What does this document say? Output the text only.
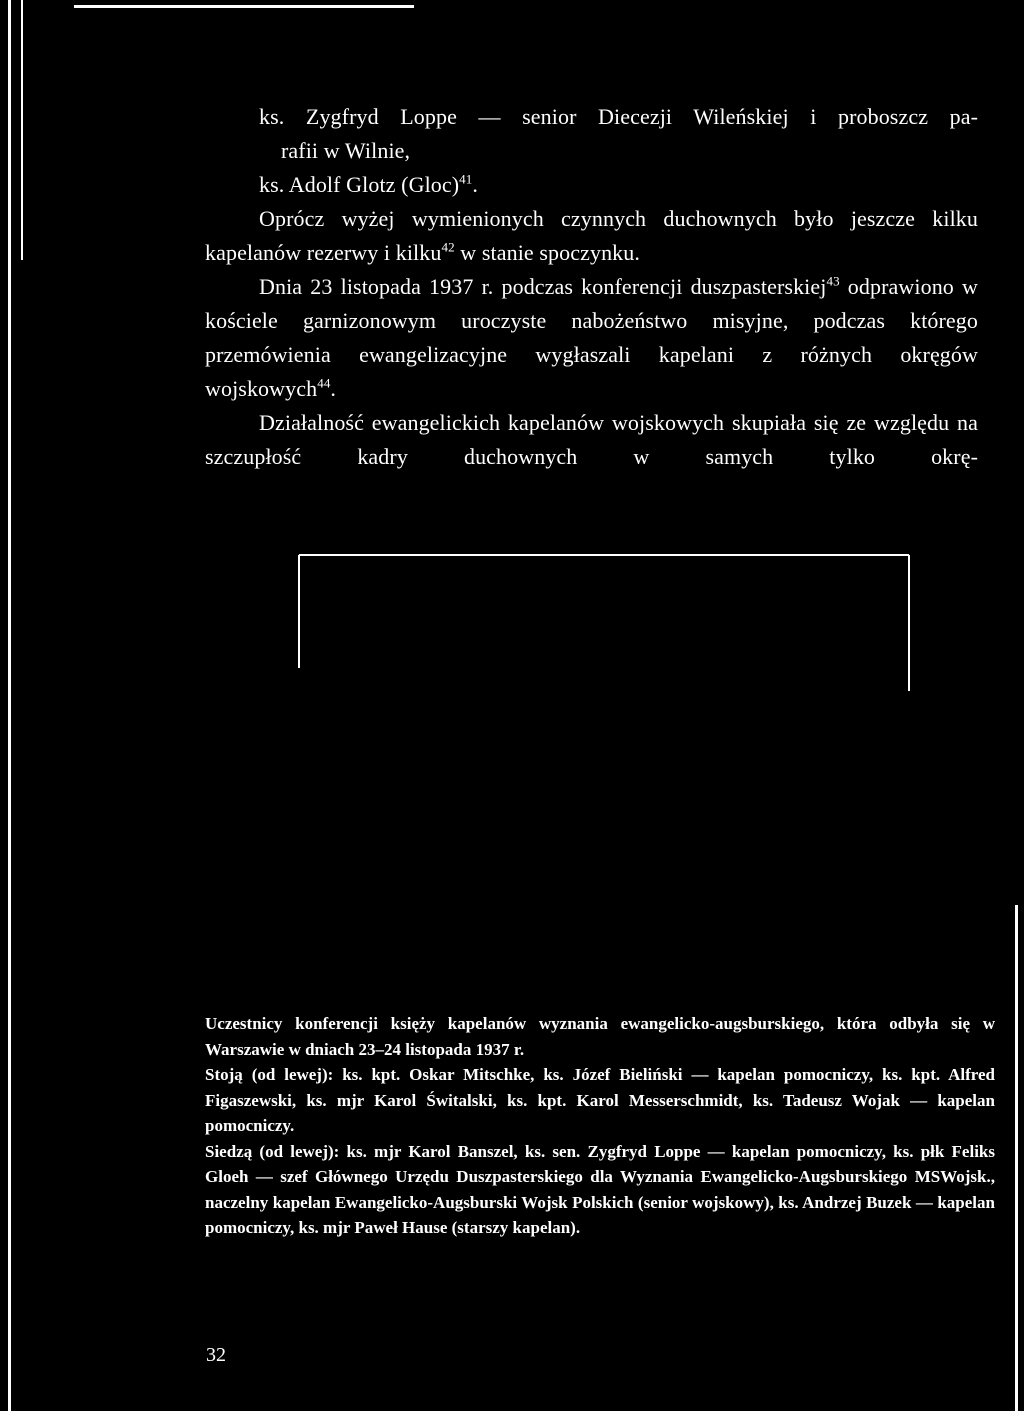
ks. Zygfryd Loppe — senior Diecezji Wileńskiej i proboszcz pa-

rafii w Wilnie,

ks. Adolf Glotz (Gloc)$^{41}$.

Oprócz wyżej wymienionych czynnych duchownych było jeszcze kilku kapelanów rezerwy i kilku$^{42}$ w stanie spoczynku.

Dnia 23 listopada 1937 r. podczas konferencji duszpasterskiej$^{43}$ odprawiono w kościele garnizonowym uroczyste nabożeństwo misyjne, podczas którego przemówienia ewangelizacyjne wygłaszali kapelani z różnych okręgów wojskowych$^{44}$.

Działalność ewangelickich kapelanów wojskowych skupiała się ze względu na szczupłość kadry duchownych w samych tylko okrę-

Uczestnicy konferencji księży kapelanów wyznania ewangelicko-augsburskiego, która odbyła się w Warszawie w dniach 23–24 listopada 1937 r.

Stoją (od lewej): ks. kpt. Oskar Mitschke, ks. Józef Bieliński — kapelan pomocniczy, ks. kpt. Alfred Figaszewski, ks. mjr Karol Świtalski, ks. kpt. Karol Messerschmidt, ks. Tadeusz Wojak — kapelan pomocniczy.

Siedzą (od lewej): ks. mjr Karol Banszel, ks. sen. Zygfryd Loppe — kapelan pomocniczy, ks. płk Feliks Gloeh — szef Głównego Urzędu Duszpasterskiego dla Wyznania Ewangelicko-Augsburskiego MSWojsk., naczelny kapelan Ewangelicko-Augsburski Wojsk Polskich (senior wojskowy), ks. Andrzej Buzek — kapelan pomocniczy, ks. mjr Paweł Hause (starszy kapelan).

32
